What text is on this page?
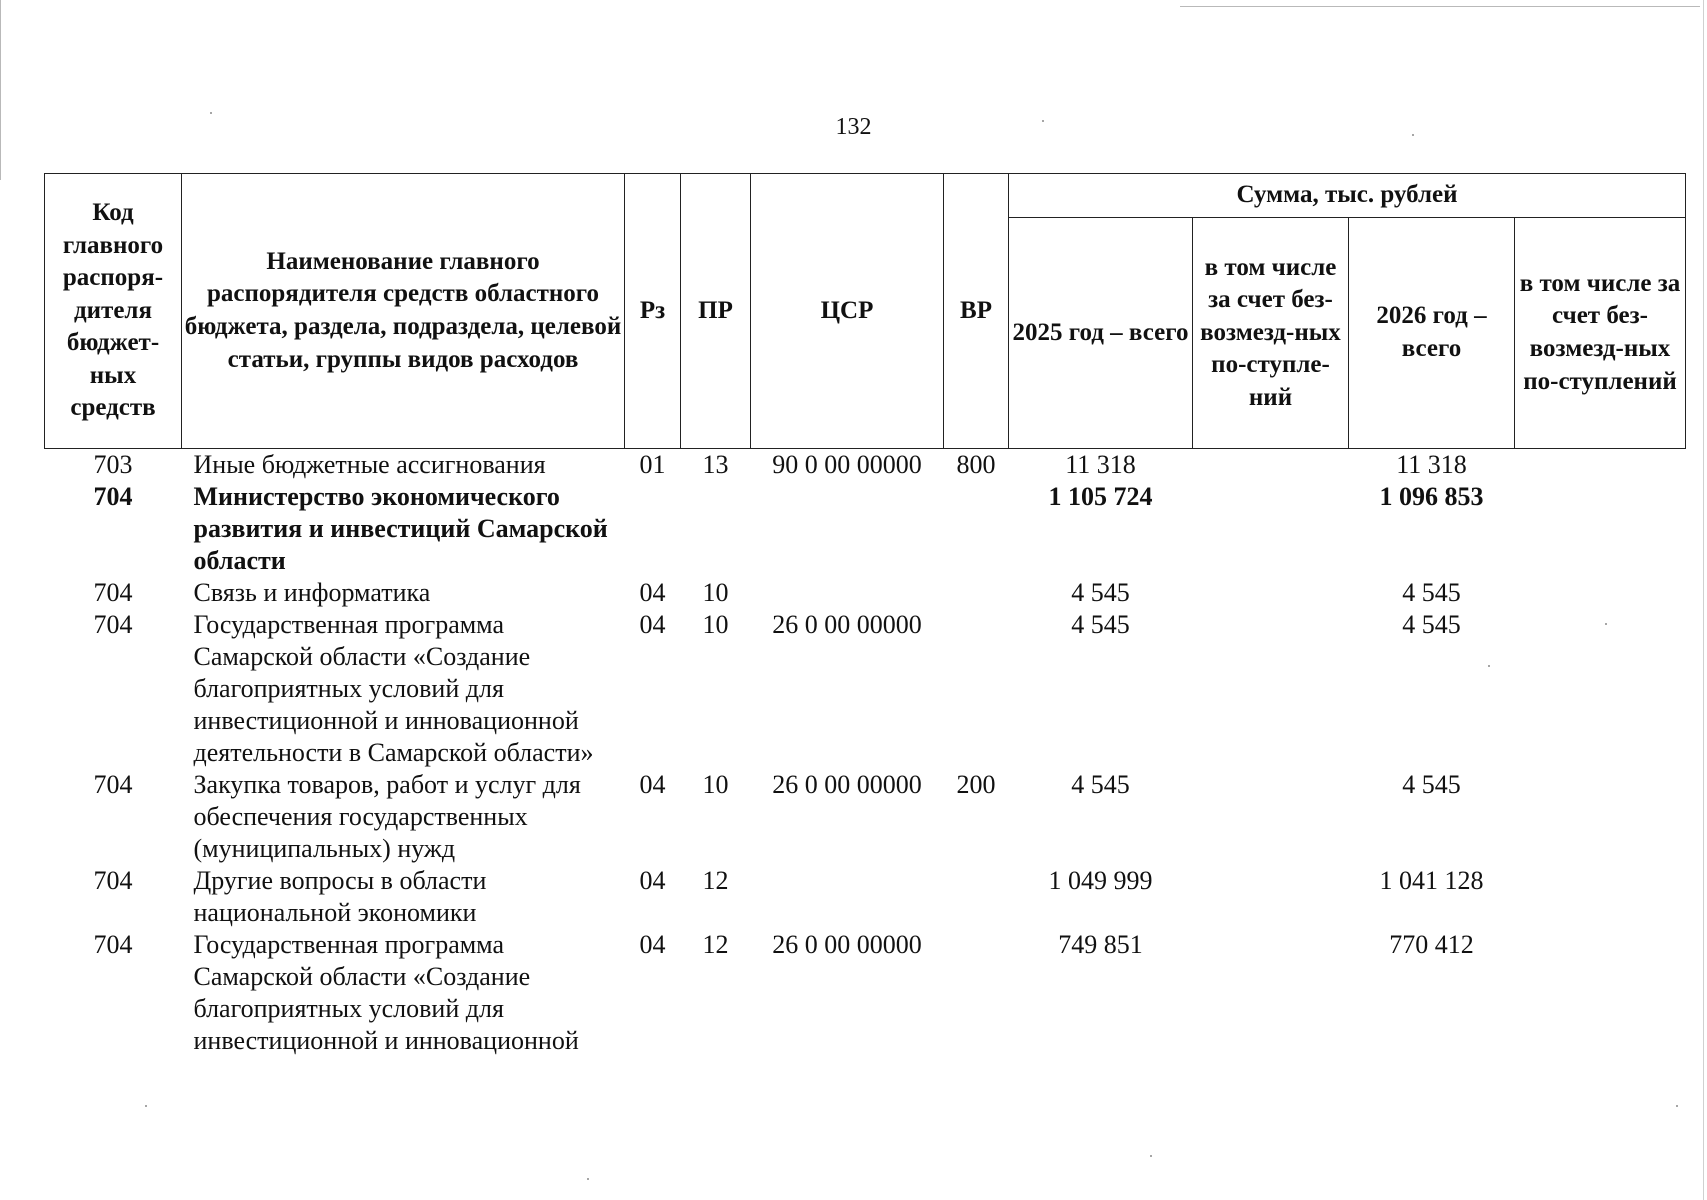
132
Код главного распоря-дителя бюджет-ных средств	Наименование главного распорядителя средств областного бюджета, раздела, подраздела, целевой статьи, группы видов расходов	Рз	ПР	ЦСР	ВР	Сумма, тыс. рублей			
						2025 год – всего	в том числе за счет без-возмезд-ных по-ступле-ний	2026 год – всего	в том числе за счет без-возмезд-ных по-ступлений
703	Иные бюджетные ассигнования	01	13	90 0 00 00000	800	11 318		11 318	
704	Министерство экономического развития и инвестиций Самарской области					1 105 724		1 096 853	
704	Связь и информатика	04	10			4 545		4 545	
704	Государственная программа Самарской области «Создание благоприятных условий для инвестиционной и инновационной деятельности в Самарской области»	04	10	26 0 00 00000		4 545		4 545	
704	Закупка товаров, работ и услуг для обеспечения государственных (муниципальных) нужд	04	10	26 0 00 00000	200	4 545		4 545	
704	Другие вопросы в области национальной экономики	04	12			1 049 999		1 041 128	
704	Государственная программа Самарской области «Создание благоприятных условий для инвестиционной и инновационной	04	12	26 0 00 00000		749 851		770 412	
